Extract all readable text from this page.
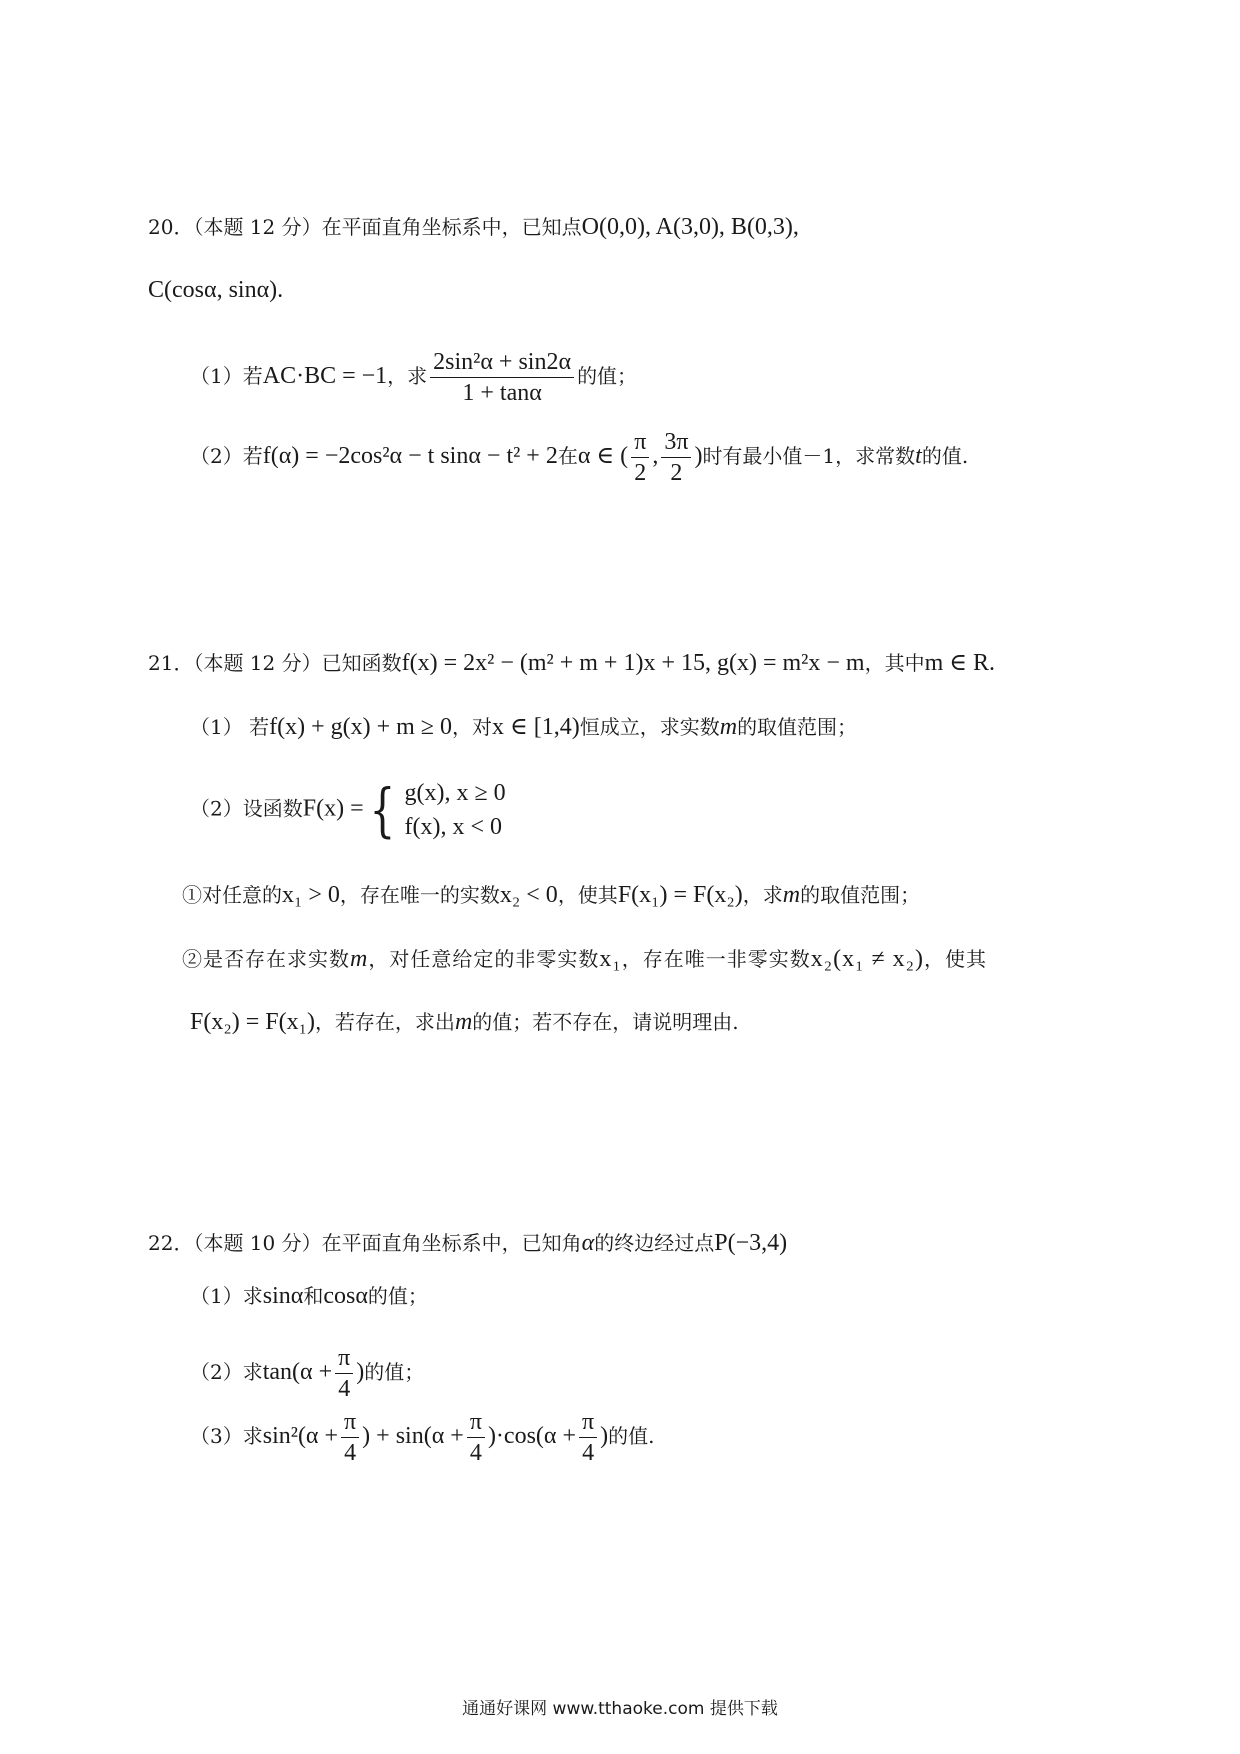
20．（本题 12 分）在平面直角坐标系中，已知点O(0,0), A(3,0), B(0,3),
C(cosα, sinα).
（1）若AC·BC = −1，求 $\frac{\text{2sin²α + sin2α}}{1 + \tan\alpha}$ 的值；
（2）若f(α) = −2cos²α − t sinα − t² + 2在α ∈ ( $\frac{\pi}{2}$ , $\frac{3\pi}{2}$ )时有最小值－1，求常数t的值.
21．（本题 12 分）已知函数f(x) = 2x² − (m² + m + 1)x + 15, g(x) = m²x − m，其中m ∈ R.
（1） 若f(x) + g(x) + m ≥ 0，对x ∈ [1,4)恒成立，求实数m的取值范围；
（2）设函数F(x) ={ g(x), x ≥ 0
f(x), x < 0
①对任意的x₁ > 0，存在唯一的实数x₂ < 0，使其F(x₁) = F(x₂)，求m的取值范围；
②是否存在求实数m，对任意给定的非零实数x₁，存在唯一非零实数x₂(x₁ ≠ x₂)，使其
F(x₂) = F(x₁)，若存在，求出m的值；若不存在，请说明理由.
22．（本题 10 分）在平面直角坐标系中，已知角α的终边经过点P(−3,4)
（1）求sinα和cosα的值；
（2）求$\tan(\alpha + \frac{\pi}{4}$ )的值；
（3）求$\sin^2(\alpha + \frac{\pi}{4}$ ) + $\sin(\alpha + \frac{\pi}{4} )\cdot\cos(\alpha + \frac{\pi}{4}$ )的值.
通通好课网 www.tthaoke.com 提供下载
